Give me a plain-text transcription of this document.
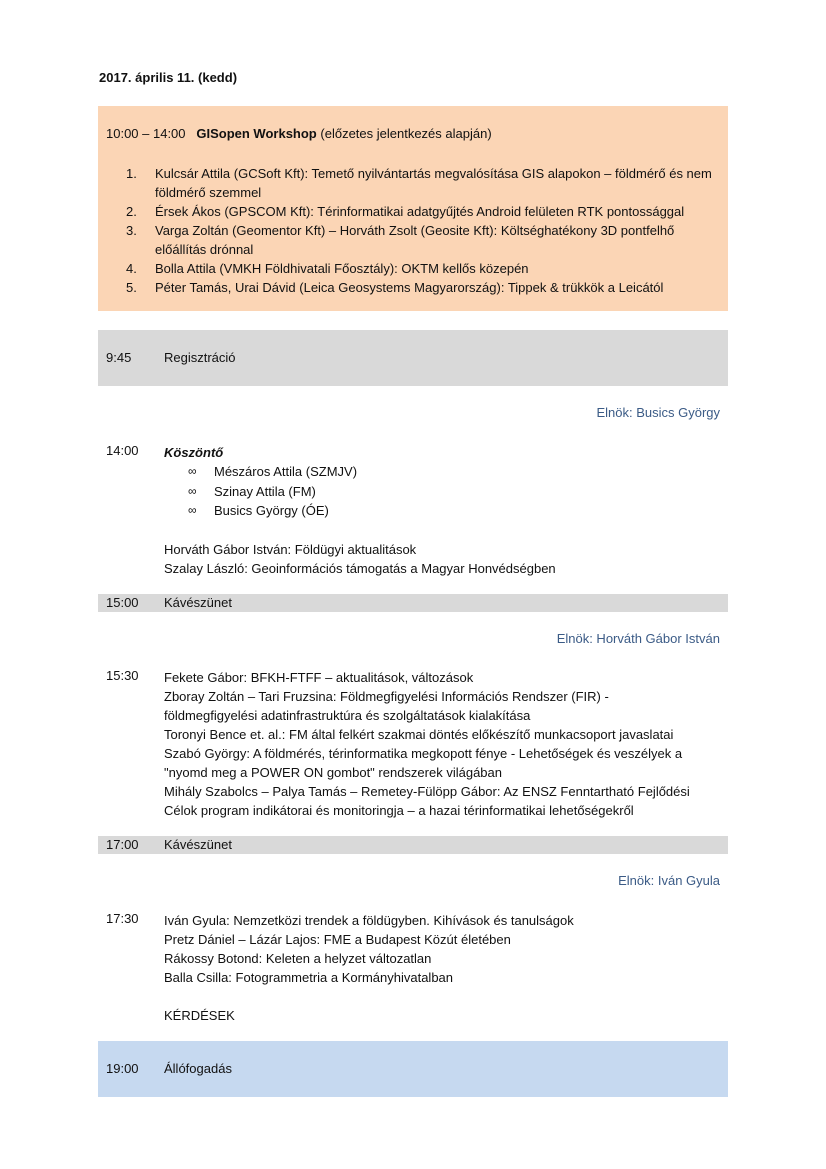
2017. április 11. (kedd)
10:00 – 14:00 GISopen Workshop (előzetes jelentkezés alapján)
1. Kulcsár Attila (GCSoft Kft): Temető nyilvántartás megvalósítása GIS alapokon – földmérő és nem földmérő szemmel
2. Érsek Ákos (GPSCOM Kft): Térinformatikai adatgyűjtés Android felületen RTK pontossággal
3. Varga Zoltán (Geomentor Kft) – Horváth Zsolt (Geosite Kft): Költséghatékony 3D pontfelhő előállítás drónnal
4. Bolla Attila (VMKH Földhivatali Főosztály): OKTM kellős közepén
5. Péter Tamás, Urai Dávid (Leica Geosystems Magyarország): Tippek & trükkök a Leicától
9:45	Regisztráció
Elnök: Busics György
14:00 Köszöntő
∞ Mészáros Attila (SZMJV)
∞ Szinay Attila (FM)
∞ Busics György (ÓE)
Horváth Gábor István: Földügyi aktualitások
Szalay László: Geoinformációs támogatás a Magyar Honvédségben
15:00 Kávészünet
Elnök: Horváth Gábor István
15:30 Fekete Gábor: BFKH-FTFF – aktualitások, változások
Zboray Zoltán – Tari Fruzsina: Földmegfigyelési Információs Rendszer (FIR) -
földmegfigyelési adatinfrastruktúra és szolgáltatások kialakítása
Toronyi Bence et. al.: FM által felkért szakmai döntés előkészítő munkacsoport javaslatai
Szabó György: A földmérés, térinformatika megkopott fénye - Lehetőségek és veszélyek a
"nyomd meg a POWER ON gombot" rendszerek világában
Mihály Szabolcs – Palya Tamás – Remetey-Fülöpp Gábor: Az ENSZ Fenntartható Fejlődési
Célok program indikátorai és monitoringja – a hazai térinformatikai lehetőségekről
17:00 Kávészünet
Elnök: Iván Gyula
17:30 Iván Gyula: Nemzetközi trendek a földügyben. Kihívások és tanulságok
Pretz Dániel – Lázár Lajos: FME a Budapest Közút életében
Rákossy Botond: Keleten a helyzet változatlan
Balla Csilla: Fotogrammetria a Kormányhivatalban
KÉRDÉSEK
19:00 Állófogadás
